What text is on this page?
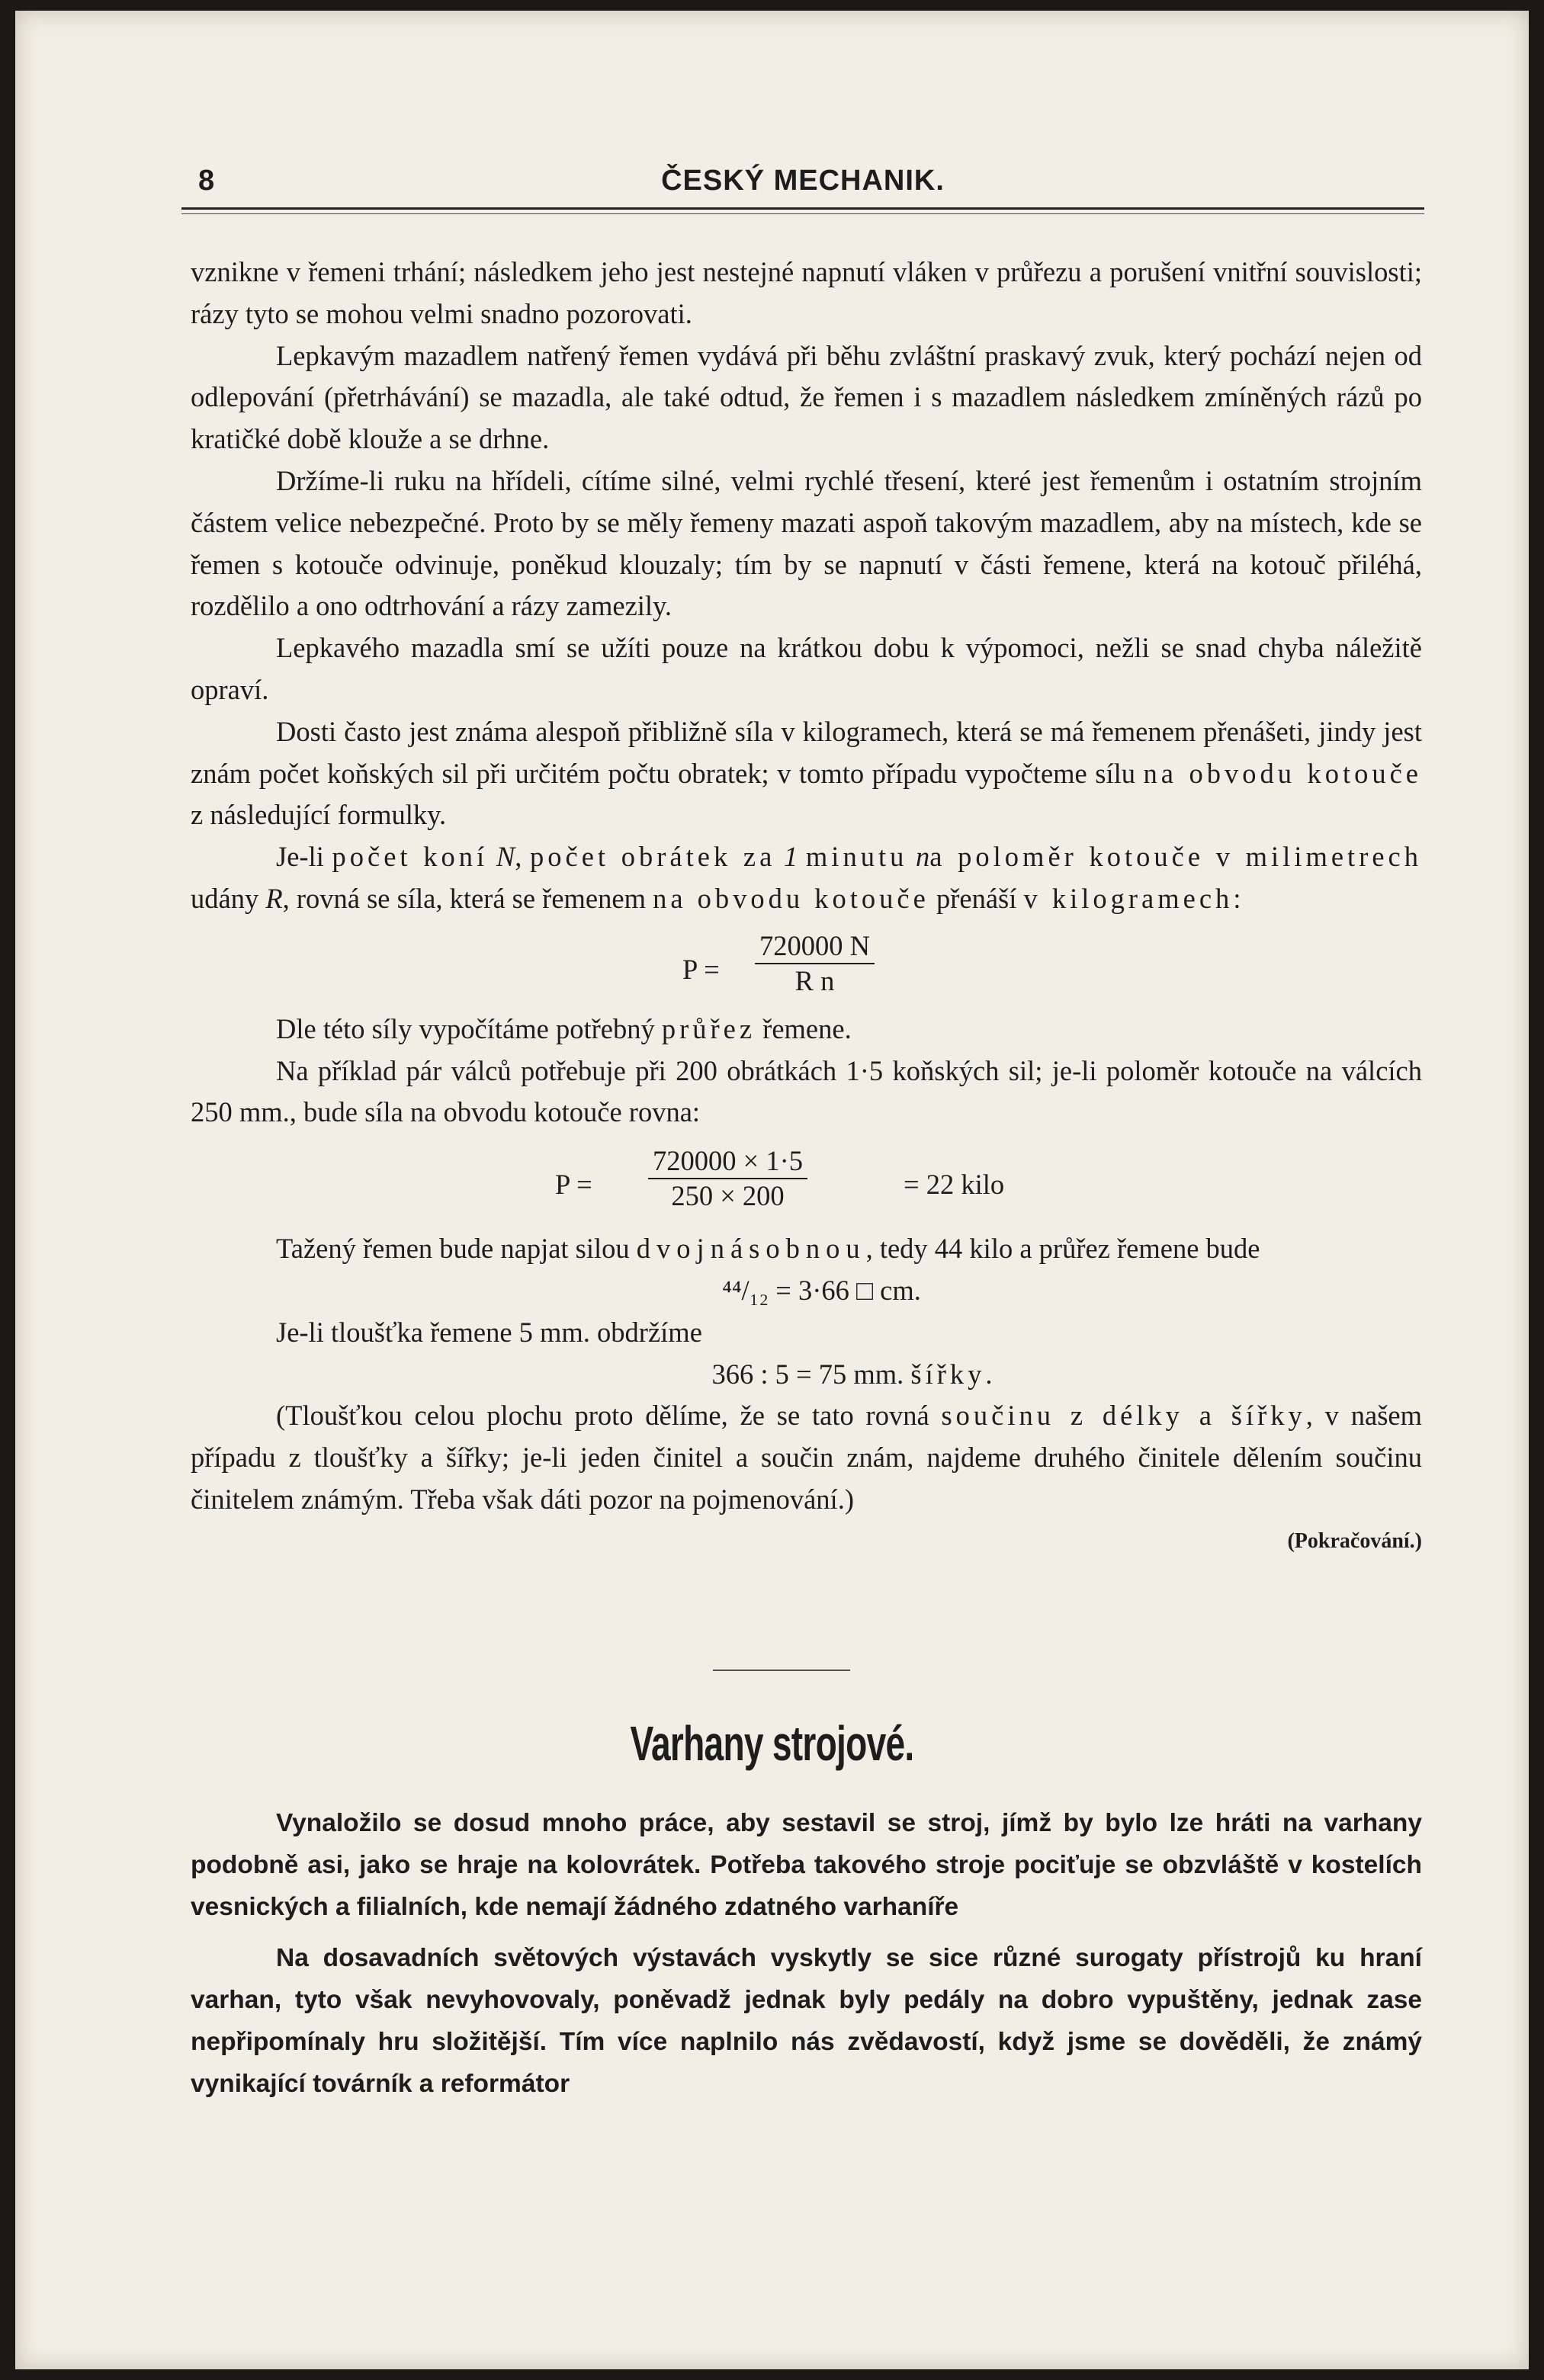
8	ČESKÝ MECHANIK.

vznikne v řemeni trhání; následkem jeho jest nestejné napnutí vláken v průřezu a porušení vnitřní souvislosti; rázy tyto se mohou velmi snadno pozorovati.

Lepkavým mazadlem natřený řemen vydává při běhu zvláštní praskavý zvuk, který pochází nejen od odlepování (přetrhávání) se mazadla, ale také odtud, že řemen i s mazadlem následkem zmíněných rázů po kratičké době klouže a se drhne.

Držíme-li ruku na hřídeli, cítíme silné, velmi rychlé třesení, které jest řemenům i ostatním strojním částem velice nebezpečné. Proto by se měly řemeny mazati aspoň takovým mazadlem, aby na místech, kde se řemen s kotouče odvinuje, poněkud klouzaly; tím by se napnutí v části řemene, která na kotouč přiléhá, rozdělilo a ono odtrhování a rázy zamezily.

Lepkavého mazadla smí se užíti pouze na krátkou dobu k výpomoci, nežli se snad chyba náležitě opraví.

Dosti často jest známa alespoň přibližně síla v kilogramech, která se má řemenem přenášeti, jindy jest znám počet koňských sil při určitém počtu obratek; v tomto případu vypočteme sílu na obvodu kotouče z následující formulky.

Je-li počet koní N, počet obrátek za 1 minutu na poloměr kotouče v milimetrech udány R, rovná se síla, která se řemenem na obvodu kotouče přenáší v kilogramech:

$P = \frac{720000 N}{\text{R n}}$

Dle této síly vypočítáme potřebný průřez řemene.

Na příklad pár válců potřebuje při 200 obrátkách 1·5 koňských sil; je-li poloměr kotouče na válcích 250 mm., bude síla na obvodu kotouče rovna:

$P = \frac{720000 \times 1\cdot 5}{250 \times 200}$	= 22 kilo

Tažený řemen bude napjat silou dvojnásobnou, tedy 44 kilo a průřez řemene bude

⁴⁴/₁₂ = 3·66 □ cm.

Je-li tloušťka řemene 5 mm. obdržíme

366 : 5 = 75 mm. šířky.

(Tloušťkou celou plochu proto dělíme, že se tato rovná součinu z délky a šířky, v našem případu z tloušťky a šířky; je-li jeden činitel a součin znám, najdeme druhého činitele dělením součinu činitelem známým. Třeba však dáti pozor na pojmenování.)

(Pokračování.)

Varhany strojové.

Vynaložilo se dosud mnoho práce, aby sestavil se stroj, jímž by bylo lze hráti na varhany podobně asi, jako se hraje na kolovrátek. Potřeba takového stroje pociťuje se obzvláště v kostelích vesnických a filialních, kde nemají žádného zdatného varhaníře

Na dosavadních světových výstavách vyskytly se sice různé surogaty přístrojů ku hraní varhan, tyto však nevyhovovaly, poněvadž jednak byly pedály na dobro vypuštěny, jednak zase nepřipomínaly hru složitější. Tím více naplnilo nás zvědavostí, když jsme se dověděli, že známý vynikající továrník a reformátor
